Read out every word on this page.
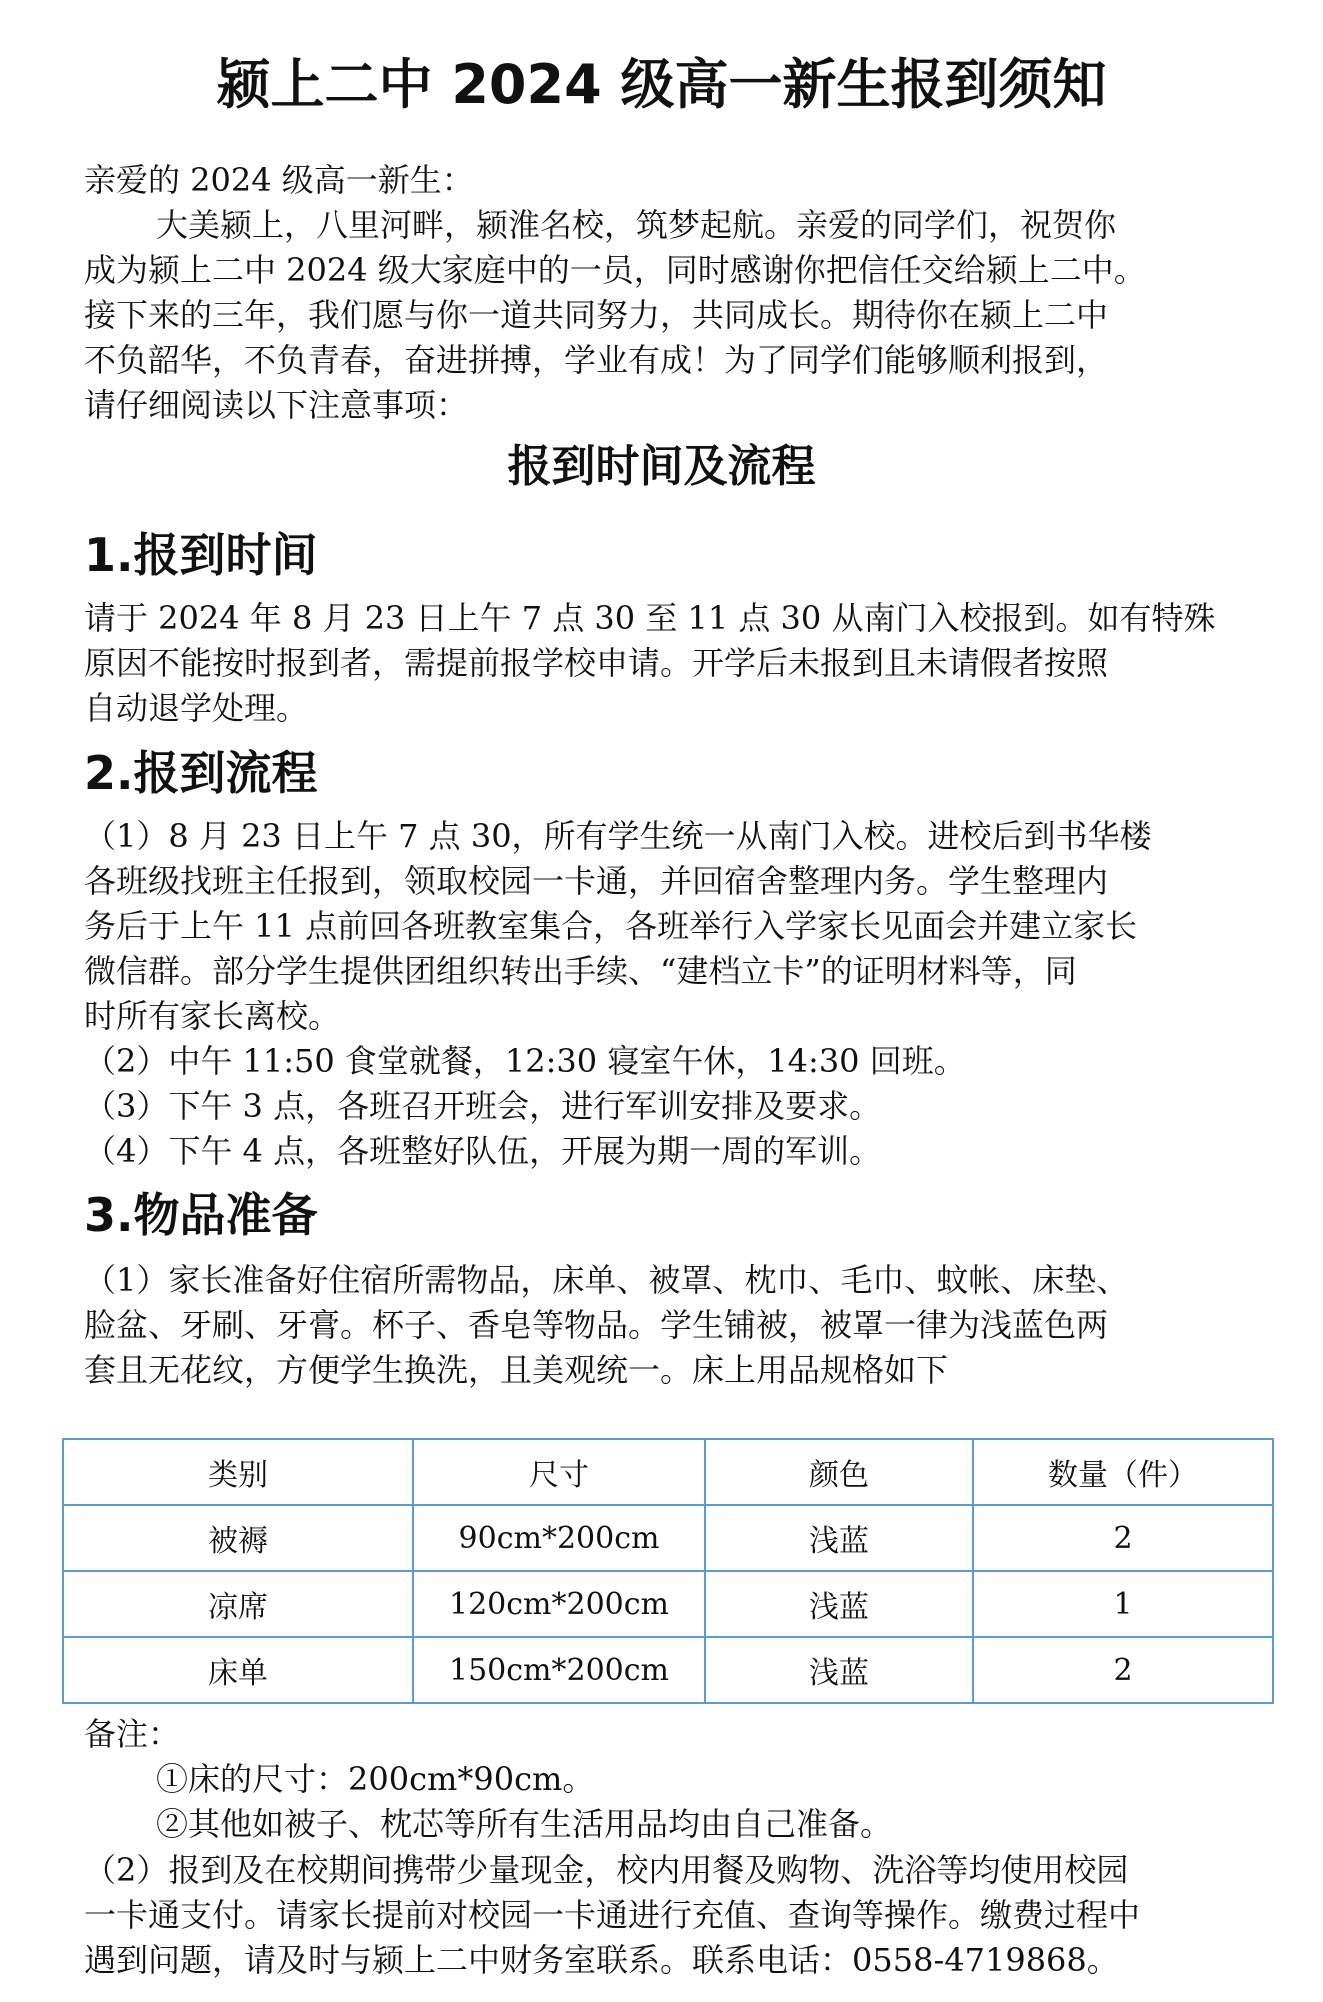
颍上二中 2024 级高一新生报到须知
亲爱的 2024 级高一新生：
大美颍上，八里河畔，颍淮名校，筑梦起航。亲爱的同学们，祝贺你
成为颍上二中 2024 级大家庭中的一员，同时感谢你把信任交给颍上二中。
接下来的三年，我们愿与你一道共同努力，共同成长。期待你在颍上二中
不负韶华，不负青春，奋进拼搏，学业有成！为了同学们能够顺利报到，
请仔细阅读以下注意事项：
报到时间及流程
1.报到时间
请于 2024 年 8 月 23 日上午 7 点 30 至 11 点 30 从南门入校报到。如有特殊
原因不能按时报到者，需提前报学校申请。开学后未报到且未请假者按照
自动退学处理。
2.报到流程
（1）8 月 23 日上午 7 点 30，所有学生统一从南门入校。进校后到书华楼
各班级找班主任报到，领取校园一卡通，并回宿舍整理内务。学生整理内
务后于上午 11 点前回各班教室集合，各班举行入学家长见面会并建立家长
微信群。部分学生提供团组织转出手续、“建档立卡”的证明材料等，同
时所有家长离校。
（2）中午 11:50 食堂就餐，12:30 寝室午休，14:30 回班。
（3）下午 3 点，各班召开班会，进行军训安排及要求。
（4）下午 4 点，各班整好队伍，开展为期一周的军训。
3.物品准备
（1）家长准备好住宿所需物品，床单、被罩、枕巾、毛巾、蚊帐、床垫、
脸盆、牙刷、牙膏。杯子、香皂等物品。学生铺被，被罩一律为浅蓝色两
套且无花纹，方便学生换洗，且美观统一。床上用品规格如下
类别	尺寸	颜色	数量（件）
被褥	90cm*200cm	浅蓝	2
凉席	120cm*200cm	浅蓝	1
床单	150cm*200cm	浅蓝	2
备注：
①床的尺寸：200cm*90cm。
②其他如被子、枕芯等所有生活用品均由自己准备。
（2）报到及在校期间携带少量现金，校内用餐及购物、洗浴等均使用校园
一卡通支付。请家长提前对校园一卡通进行充值、查询等操作。缴费过程中
遇到问题，请及时与颍上二中财务室联系。联系电话：0558-4719868。
